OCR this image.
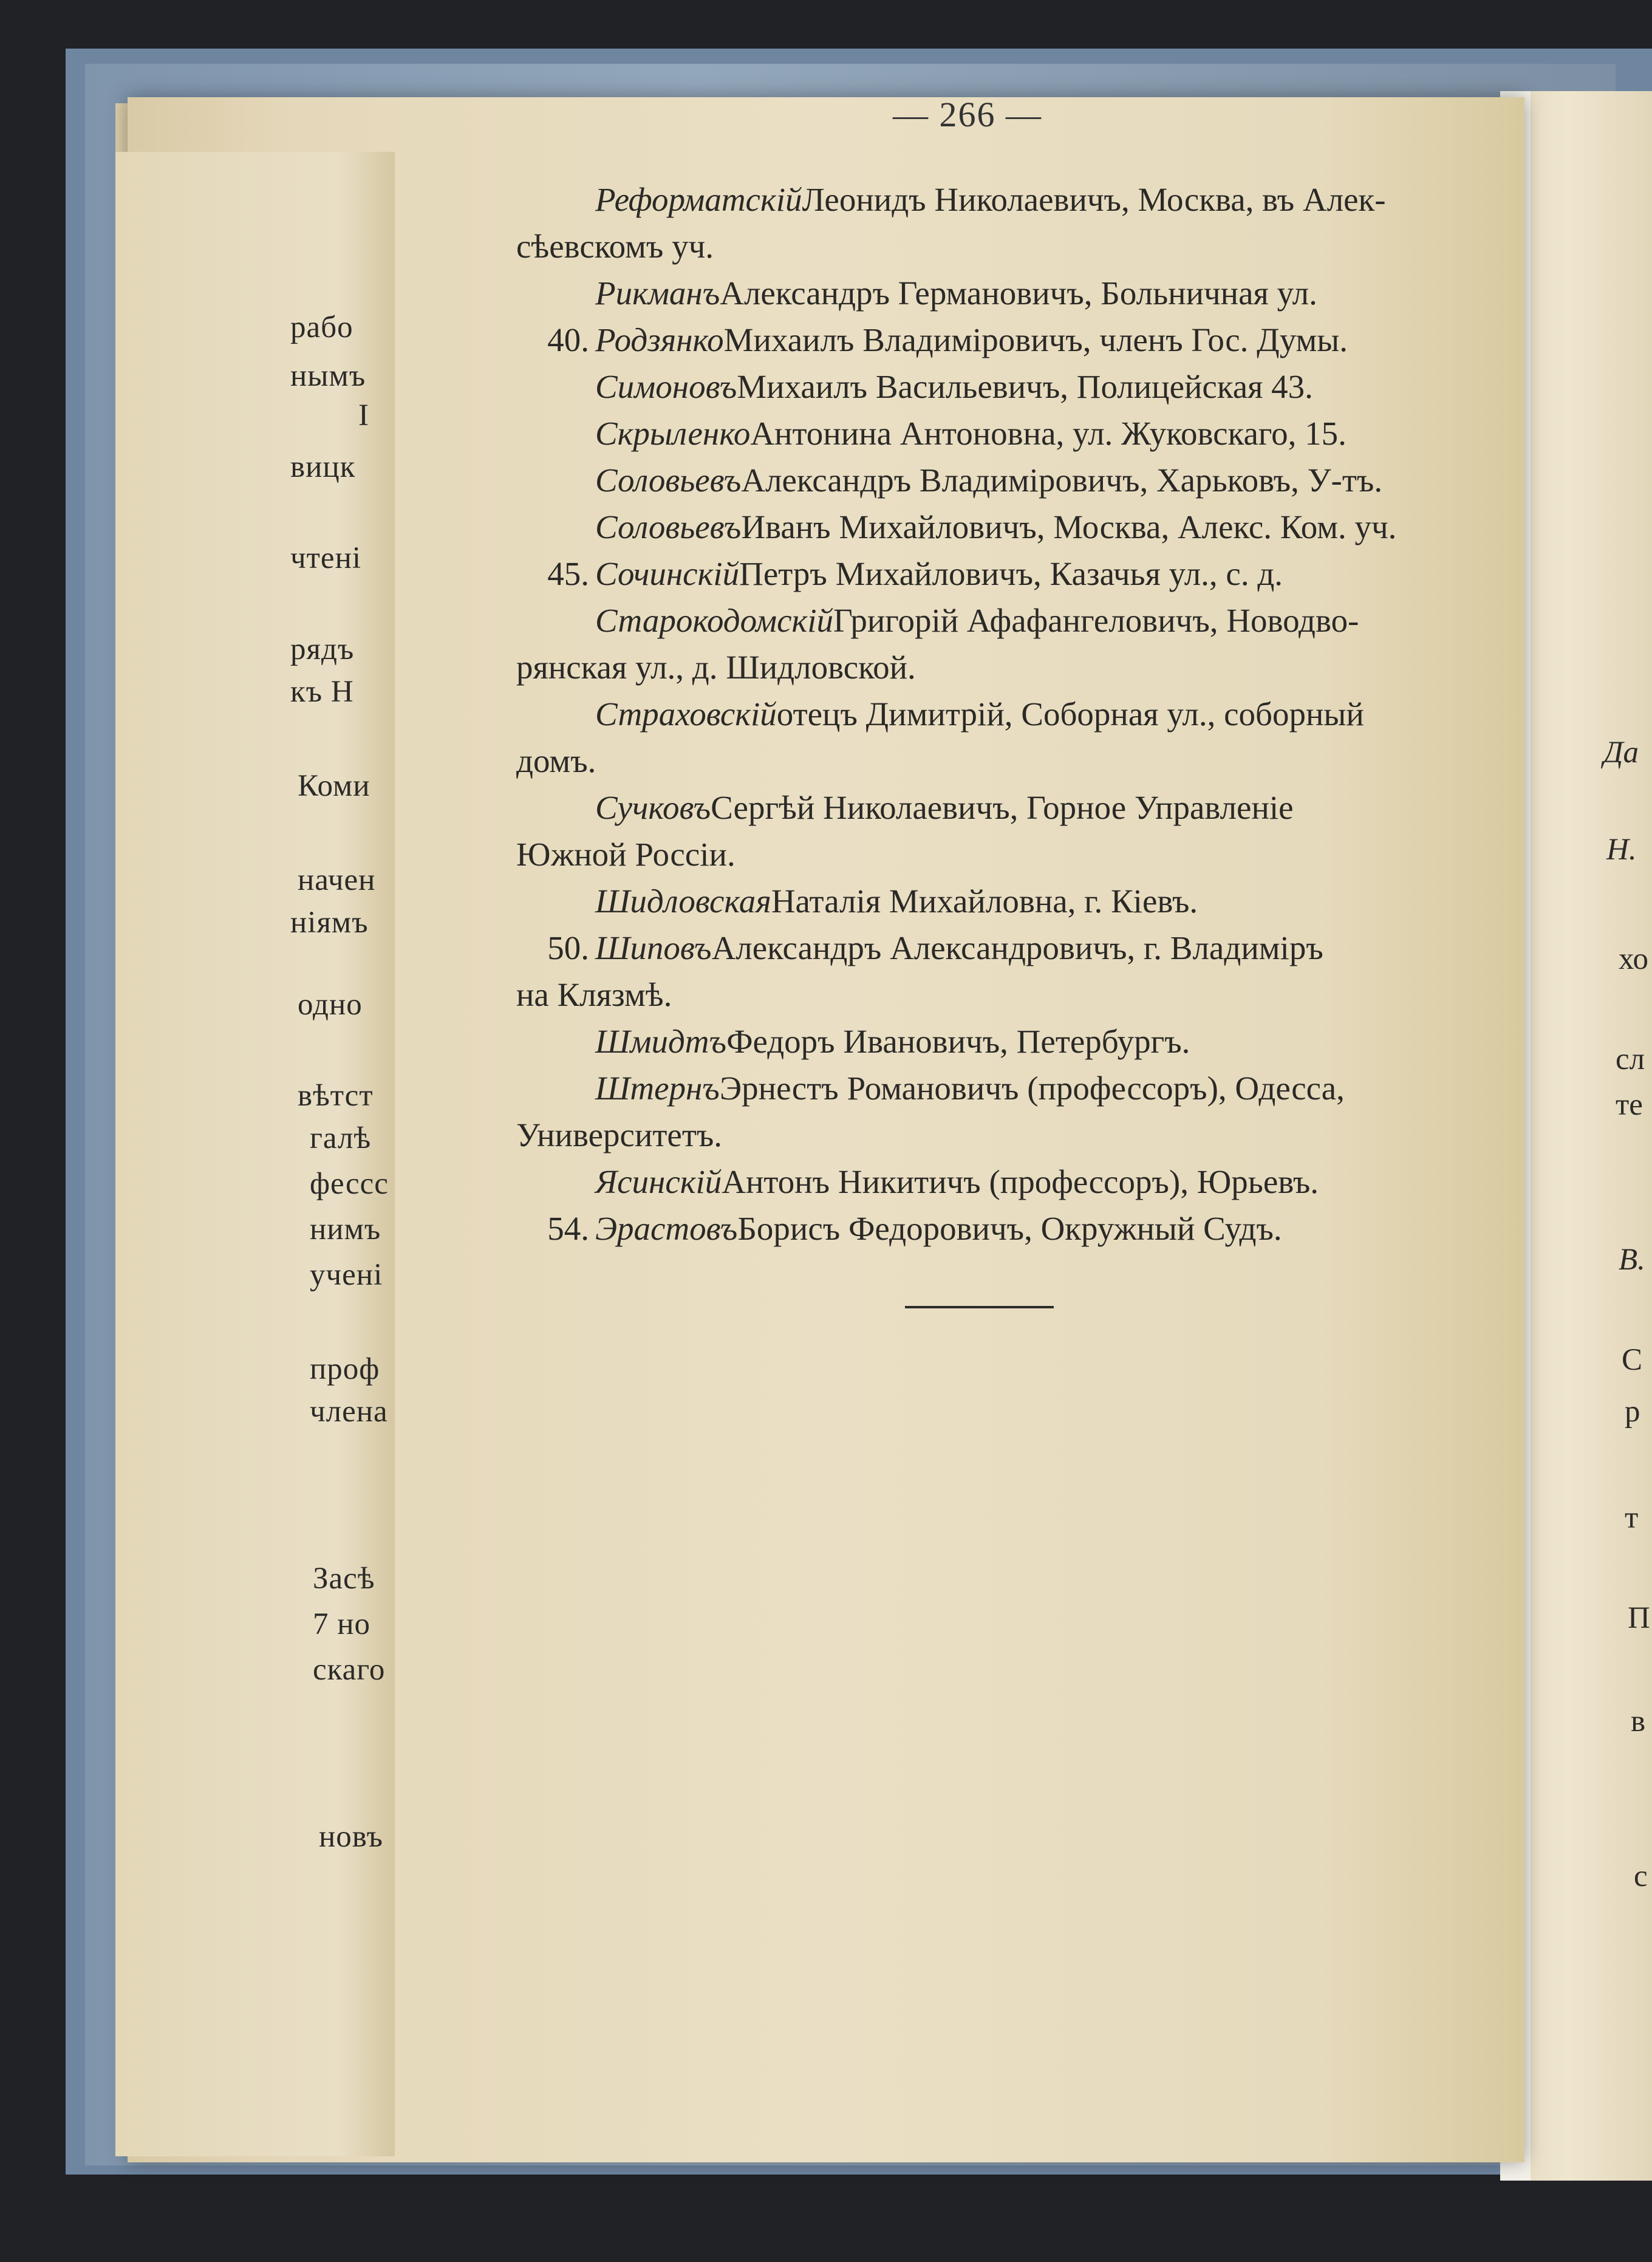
рабо
нымъ
I
вицк
чтені
рядъ
къ Н
Коми
начен
ніямъ
однo
вѣтст
галѣ
фессс
нимъ
учені
проф
члена
Засѣ
7 но
скаго
новъ
Да
Н.
хо
сл
те
В.
С
р
т
П
в
с
— 266 —
Реформатскій Леонидъ Николаевичъ, Москва, въ Алек-
сѣевскомъ уч.
Рикманъ Александръ Германовичъ, Больничная ул.
40. Родзянко Михаилъ Владиміровичъ, членъ Гос. Думы.
Симоновъ Михаилъ Васильевичъ, Полицейская 43.
Скрыленко Антонина Антоновна, ул. Жуковскаго, 15.
Соловьевъ Александръ Владиміровичъ, Харьковъ, У-тъ.
Соловьевъ Иванъ Михайловичъ, Москва, Алекс. Ком. уч.
45. Сочинскій Петръ Михайловичъ, Казачья ул., с. д.
Старокодомскій Григорій Афафангеловичъ, Новодво-
рянская ул., д. Шидловской.
Страховскій отецъ Димитрій, Соборная ул., соборный
домъ.
Сучковъ Сергѣй Николаевичъ, Горное Управленіе
Южной Россіи.
Шидловская Наталія Михайловна, г. Кіевъ.
50. Шиповъ Александръ Александровичъ, г. Владиміръ
на Клязмѣ.
Шмидтъ Федоръ Ивановичъ, Петербургъ.
Штернъ Эрнестъ Романовичъ (профессоръ), Одесса,
Университетъ.
Ясинскій Антонъ Никитичъ (профессоръ), Юрьевъ.
54. Эрастовъ Борисъ Федоровичъ, Окружный Судъ.
